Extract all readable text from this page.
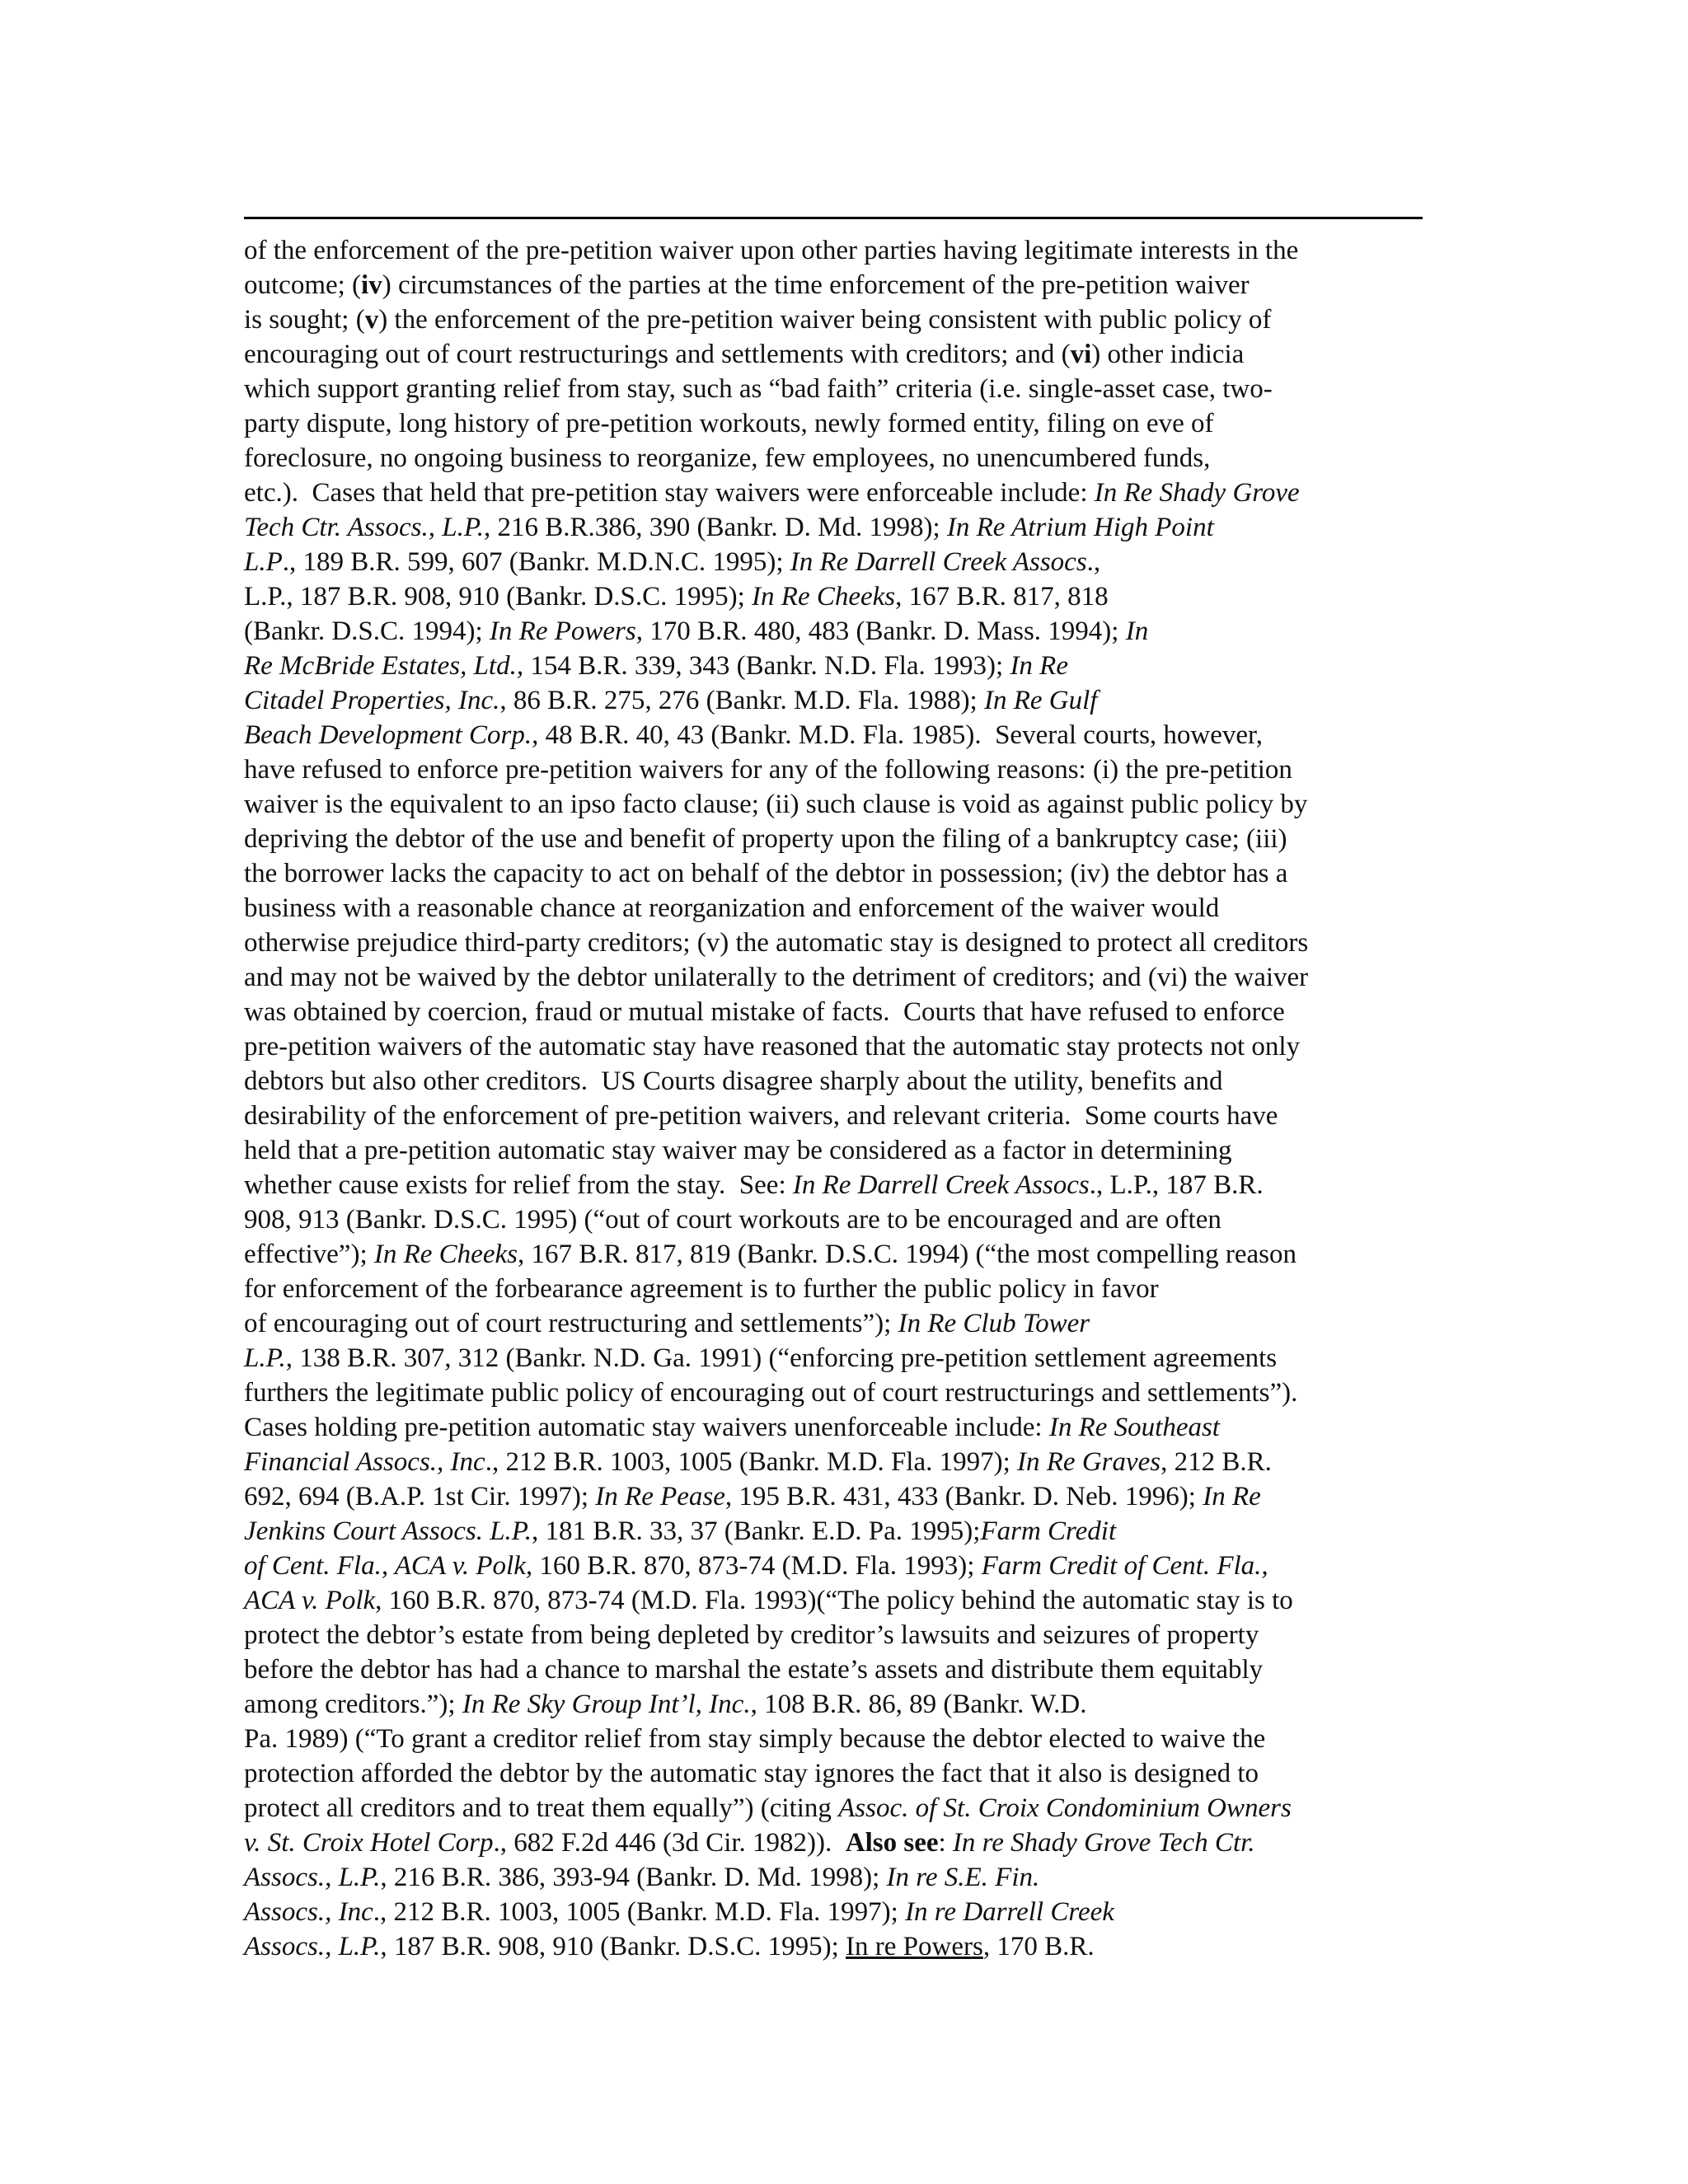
of the enforcement of the pre-petition waiver upon other parties having legitimate interests in the
outcome; (iv) circumstances of the parties at the time enforcement of the pre-petition waiver
is sought; (v) the enforcement of the pre-petition waiver being consistent with public policy of
encouraging out of court restructurings and settlements with creditors; and (vi) other indicia
which support granting relief from stay, such as “bad faith” criteria (i.e. single-asset case, two-
party dispute, long history of pre-petition workouts, newly formed entity, filing on eve of
foreclosure, no ongoing business to reorganize, few employees, no unencumbered funds,
etc.).  Cases that held that pre-petition stay waivers were enforceable include: In Re Shady Grove
Tech Ctr. Assocs., L.P., 216 B.R.386, 390 (Bankr. D. Md. 1998); In Re Atrium High Point
L.P., 189 B.R. 599, 607 (Bankr. M.D.N.C. 1995); In Re Darrell Creek Assocs.,
L.P., 187 B.R. 908, 910 (Bankr. D.S.C. 1995); In Re Cheeks, 167 B.R. 817, 818
(Bankr. D.S.C. 1994); In Re Powers, 170 B.R. 480, 483 (Bankr. D. Mass. 1994); In
Re McBride Estates, Ltd., 154 B.R. 339, 343 (Bankr. N.D. Fla. 1993); In Re
Citadel Properties, Inc., 86 B.R. 275, 276 (Bankr. M.D. Fla. 1988); In Re Gulf
Beach Development Corp., 48 B.R. 40, 43 (Bankr. M.D. Fla. 1985).  Several courts, however,
have refused to enforce pre-petition waivers for any of the following reasons: (i) the pre-petition
waiver is the equivalent to an ipso facto clause; (ii) such clause is void as against public policy by
depriving the debtor of the use and benefit of property upon the filing of a bankruptcy case; (iii)
the borrower lacks the capacity to act on behalf of the debtor in possession; (iv) the debtor has a
business with a reasonable chance at reorganization and enforcement of the waiver would
otherwise prejudice third-party creditors; (v) the automatic stay is designed to protect all creditors
and may not be waived by the debtor unilaterally to the detriment of creditors; and (vi) the waiver
was obtained by coercion, fraud or mutual mistake of facts.  Courts that have refused to enforce
pre-petition waivers of the automatic stay have reasoned that the automatic stay protects not only
debtors but also other creditors.  US Courts disagree sharply about the utility, benefits and
desirability of the enforcement of pre-petition waivers, and relevant criteria.  Some courts have
held that a pre-petition automatic stay waiver may be considered as a factor in determining
whether cause exists for relief from the stay.  See: In Re Darrell Creek Assocs., L.P., 187 B.R.
908, 913 (Bankr. D.S.C. 1995) (“out of court workouts are to be encouraged and are often
effective”); In Re Cheeks, 167 B.R. 817, 819 (Bankr. D.S.C. 1994) (“the most compelling reason
for enforcement of the forbearance agreement is to further the public policy in favor
of encouraging out of court restructuring and settlements”); In Re Club Tower
L.P., 138 B.R. 307, 312 (Bankr. N.D. Ga. 1991) (“enforcing pre-petition settlement agreements
furthers the legitimate public policy of encouraging out of court restructurings and settlements”).
Cases holding pre-petition automatic stay waivers unenforceable include: In Re Southeast
Financial Assocs., Inc., 212 B.R. 1003, 1005 (Bankr. M.D. Fla. 1997); In Re Graves, 212 B.R.
692, 694 (B.A.P. 1st Cir. 1997); In Re Pease, 195 B.R. 431, 433 (Bankr. D. Neb. 1996); In Re
Jenkins Court Assocs. L.P., 181 B.R. 33, 37 (Bankr. E.D. Pa. 1995);Farm Credit
of Cent. Fla., ACA v. Polk, 160 B.R. 870, 873-74 (M.D. Fla. 1993); Farm Credit of Cent. Fla.,
ACA v. Polk, 160 B.R. 870, 873-74 (M.D. Fla. 1993)(“The policy behind the automatic stay is to
protect the debtor’s estate from being depleted by creditor’s lawsuits and seizures of property
before the debtor has had a chance to marshal the estate’s assets and distribute them equitably
among creditors.”); In Re Sky Group Int’l, Inc., 108 B.R. 86, 89 (Bankr. W.D.
Pa. 1989) (“To grant a creditor relief from stay simply because the debtor elected to waive the
protection afforded the debtor by the automatic stay ignores the fact that it also is designed to
protect all creditors and to treat them equally”) (citing Assoc. of St. Croix Condominium Owners
v. St. Croix Hotel Corp., 682 F.2d 446 (3d Cir. 1982)).  Also see: In re Shady Grove Tech Ctr.
Assocs., L.P., 216 B.R. 386, 393-94 (Bankr. D. Md. 1998); In re S.E. Fin.
Assocs., Inc., 212 B.R. 1003, 1005 (Bankr. M.D. Fla. 1997); In re Darrell Creek
Assocs., L.P., 187 B.R. 908, 910 (Bankr. D.S.C. 1995); In re Powers, 170 B.R.
